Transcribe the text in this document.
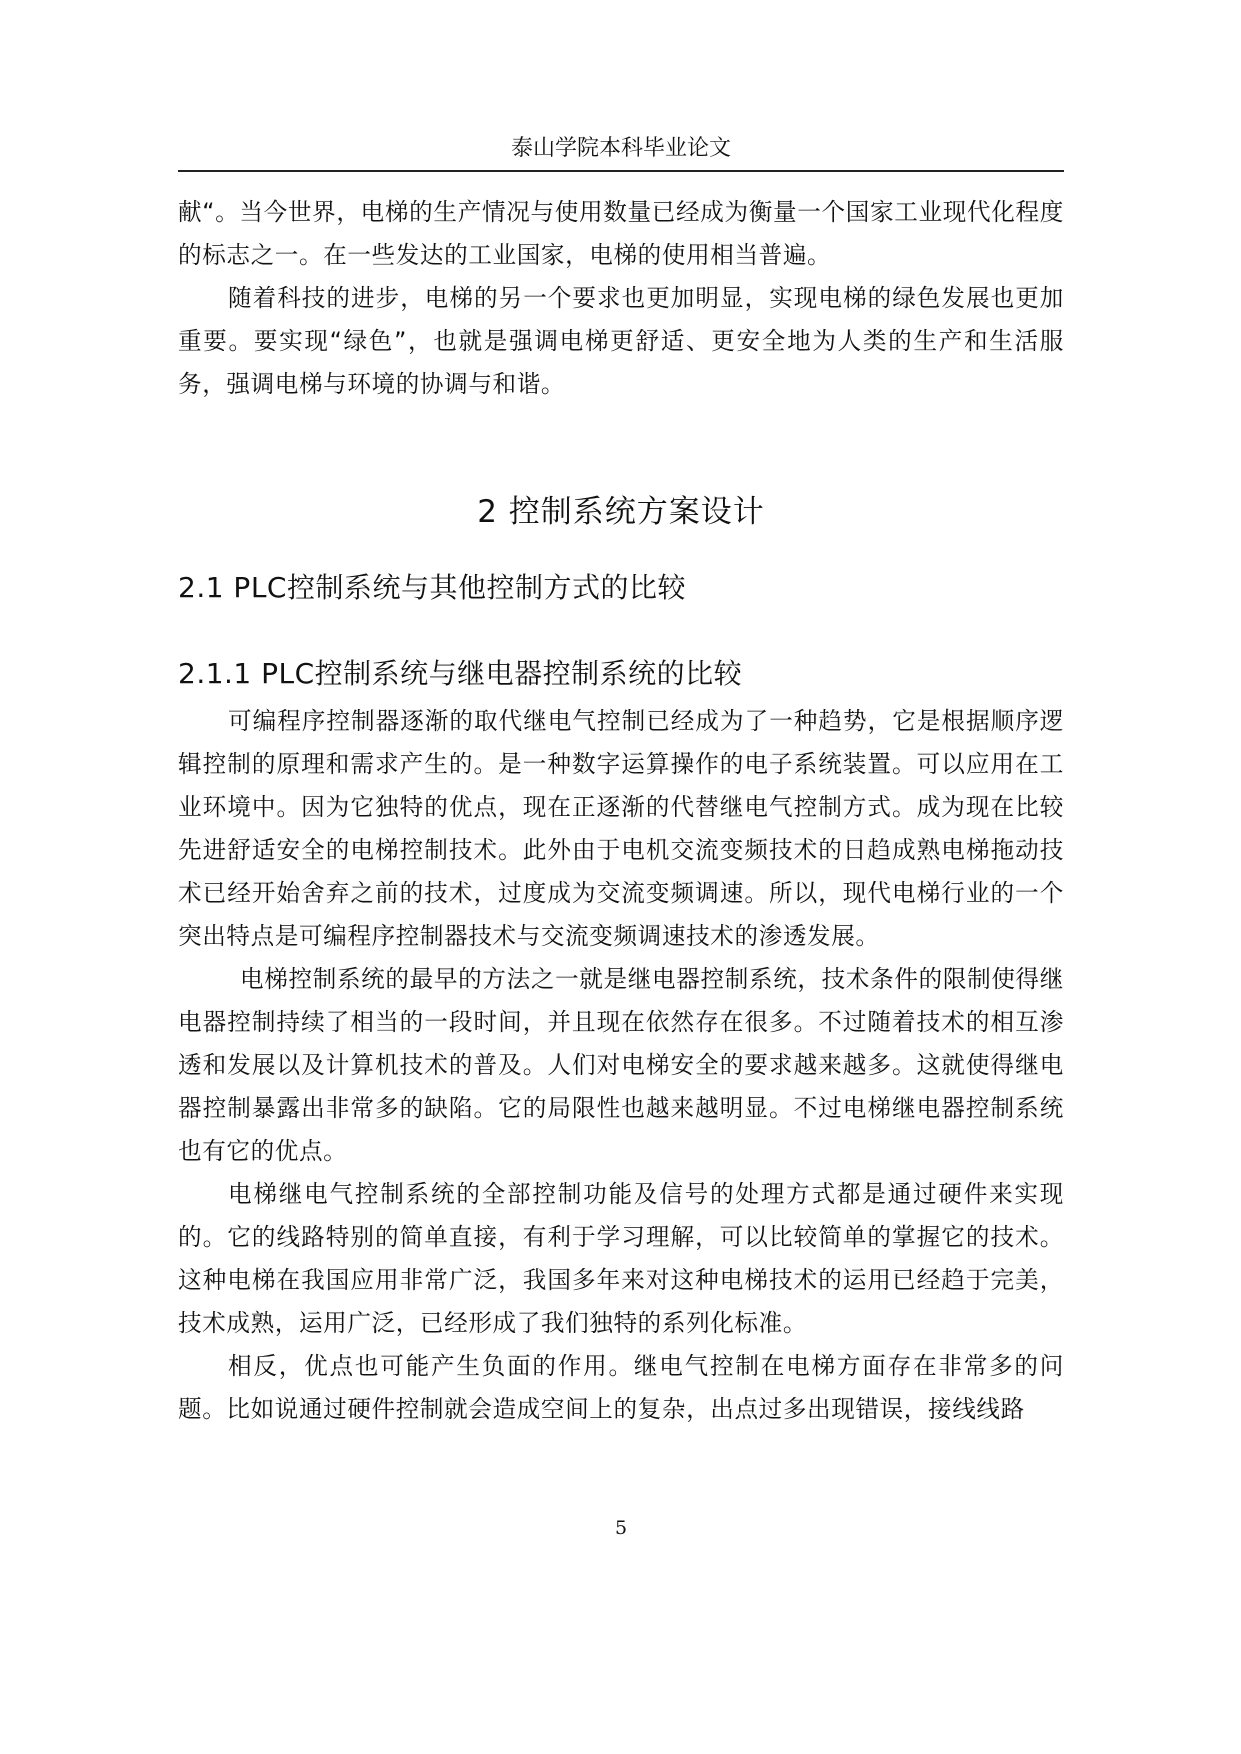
泰山学院本科毕业论文

献“。当今世界，电梯的生产情况与使用数量已经成为衡量一个国家工业现代化程度的标志之一。在一些发达的工业国家，电梯的使用相当普遍。

随着科技的进步，电梯的另一个要求也更加明显，实现电梯的绿色发展也更加重要。要实现“绿色”，也就是强调电梯更舒适、更安全地为人类的生产和生活服务，强调电梯与环境的协调与和谐。

2 控制系统方案设计
2.1 PLC控制系统与其他控制方式的比较
2.1.1 PLC控制系统与继电器控制系统的比较

可编程序控制器逐渐的取代继电气控制已经成为了一种趋势，它是根据顺序逻辑控制的原理和需求产生的。是一种数字运算操作的电子系统装置。可以应用在工业环境中。因为它独特的优点，现在正逐渐的代替继电气控制方式。成为现在比较先进舒适安全的电梯控制技术。此外由于电机交流变频技术的日趋成熟电梯拖动技术已经开始舍弃之前的技术，过度成为交流变频调速。所以，现代电梯行业的一个突出特点是可编程序控制器技术与交流变频调速技术的渗透发展。

电梯控制系统的最早的方法之一就是继电器控制系统，技术条件的限制使得继电器控制持续了相当的一段时间，并且现在依然存在很多。不过随着技术的相互渗透和发展以及计算机技术的普及。人们对电梯安全的要求越来越多。这就使得继电器控制暴露出非常多的缺陷。它的局限性也越来越明显。不过电梯继电器控制系统也有它的优点。

电梯继电气控制系统的全部控制功能及信号的处理方式都是通过硬件来实现的。它的线路特别的简单直接，有利于学习理解，可以比较简单的掌握它的技术。这种电梯在我国应用非常广泛，我国多年来对这种电梯技术的运用已经趋于完美，技术成熟，运用广泛，已经形成了我们独特的系列化标准。

相反，优点也可能产生负面的作用。继电气控制在电梯方面存在非常多的问题。比如说通过硬件控制就会造成空间上的复杂，出点过多出现错误，接线线路

5
